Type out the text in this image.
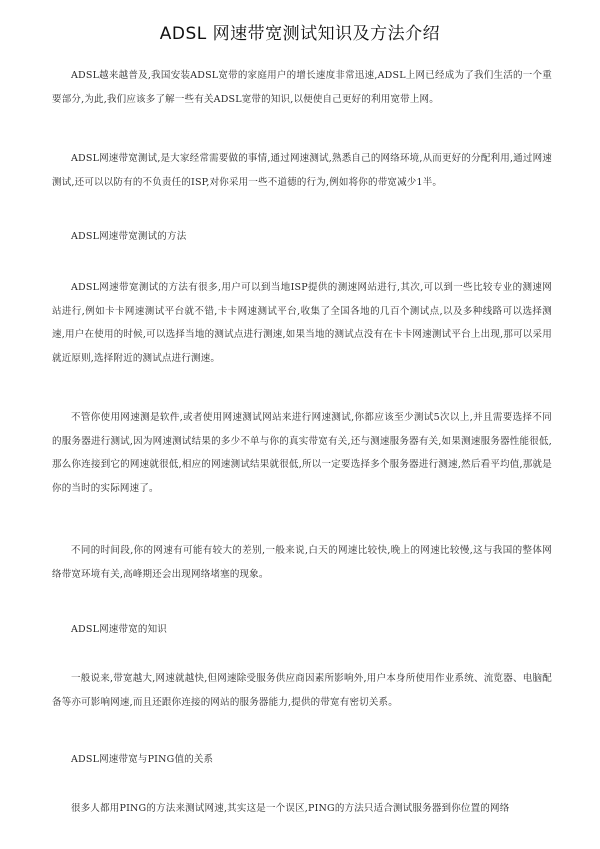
ADSL 网速带宽测试知识及方法介绍

ADSL越来越普及,我国安装ADSL宽带的家庭用户的增长速度非常迅速,ADSL上网已经成为了我们生活的一个重要部分,为此,我们应该多了解一些有关ADSL宽带的知识,以便使自己更好的利用宽带上网。

ADSL网速带宽测试,是大家经常需要做的事情,通过网速测试,熟悉自己的网络环境,从而更好的分配利用,通过网速测试,还可以以防有的不负责任的ISP,对你采用一些不道德的行为,例如将你的带宽减少1半。

ADSL网速带宽测试的方法

ADSL网速带宽测试的方法有很多,用户可以到当地ISP提供的测速网站进行,其次,可以到一些比较专业的测速网站进行,例如卡卡网速测试平台就不错,卡卡网速测试平台,收集了全国各地的几百个测试点,以及多种线路可以选择测速,用户在使用的时候,可以选择当地的测试点进行测速,如果当地的测试点没有在卡卡网速测试平台上出现,那可以采用就近原则,选择附近的测试点进行测速。

不管你使用网速测是软件,或者使用网速测试网站来进行网速测试,你都应该至少测试5次以上,并且需要选择不同的服务器进行测试,因为网速测试结果的多少不单与你的真实带宽有关,还与测速服务器有关,如果测速服务器性能很低,那么你连接到它的网速就很低,相应的网速测试结果就很低,所以一定要选择多个服务器进行测速,然后看平均值,那就是你的当时的实际网速了。

不同的时间段,你的网速有可能有较大的差别,一般来说,白天的网速比较快,晚上的网速比较慢,这与我国的整体网络带宽环境有关,高峰期还会出现网络堵塞的现象。

ADSL网速带宽的知识

一般说来,带宽越大,网速就越快,但网速除受服务供应商因素所影响外,用户本身所使用作业系统、流览器、电脑配备等亦可影响网速,而且还跟你连接的网站的服务器能力,提供的带宽有密切关系。

ADSL网速带宽与PING值的关系

很多人都用PING的方法来测试网速,其实这是一个误区,PING的方法只适合测试服务器到你位置的网络
